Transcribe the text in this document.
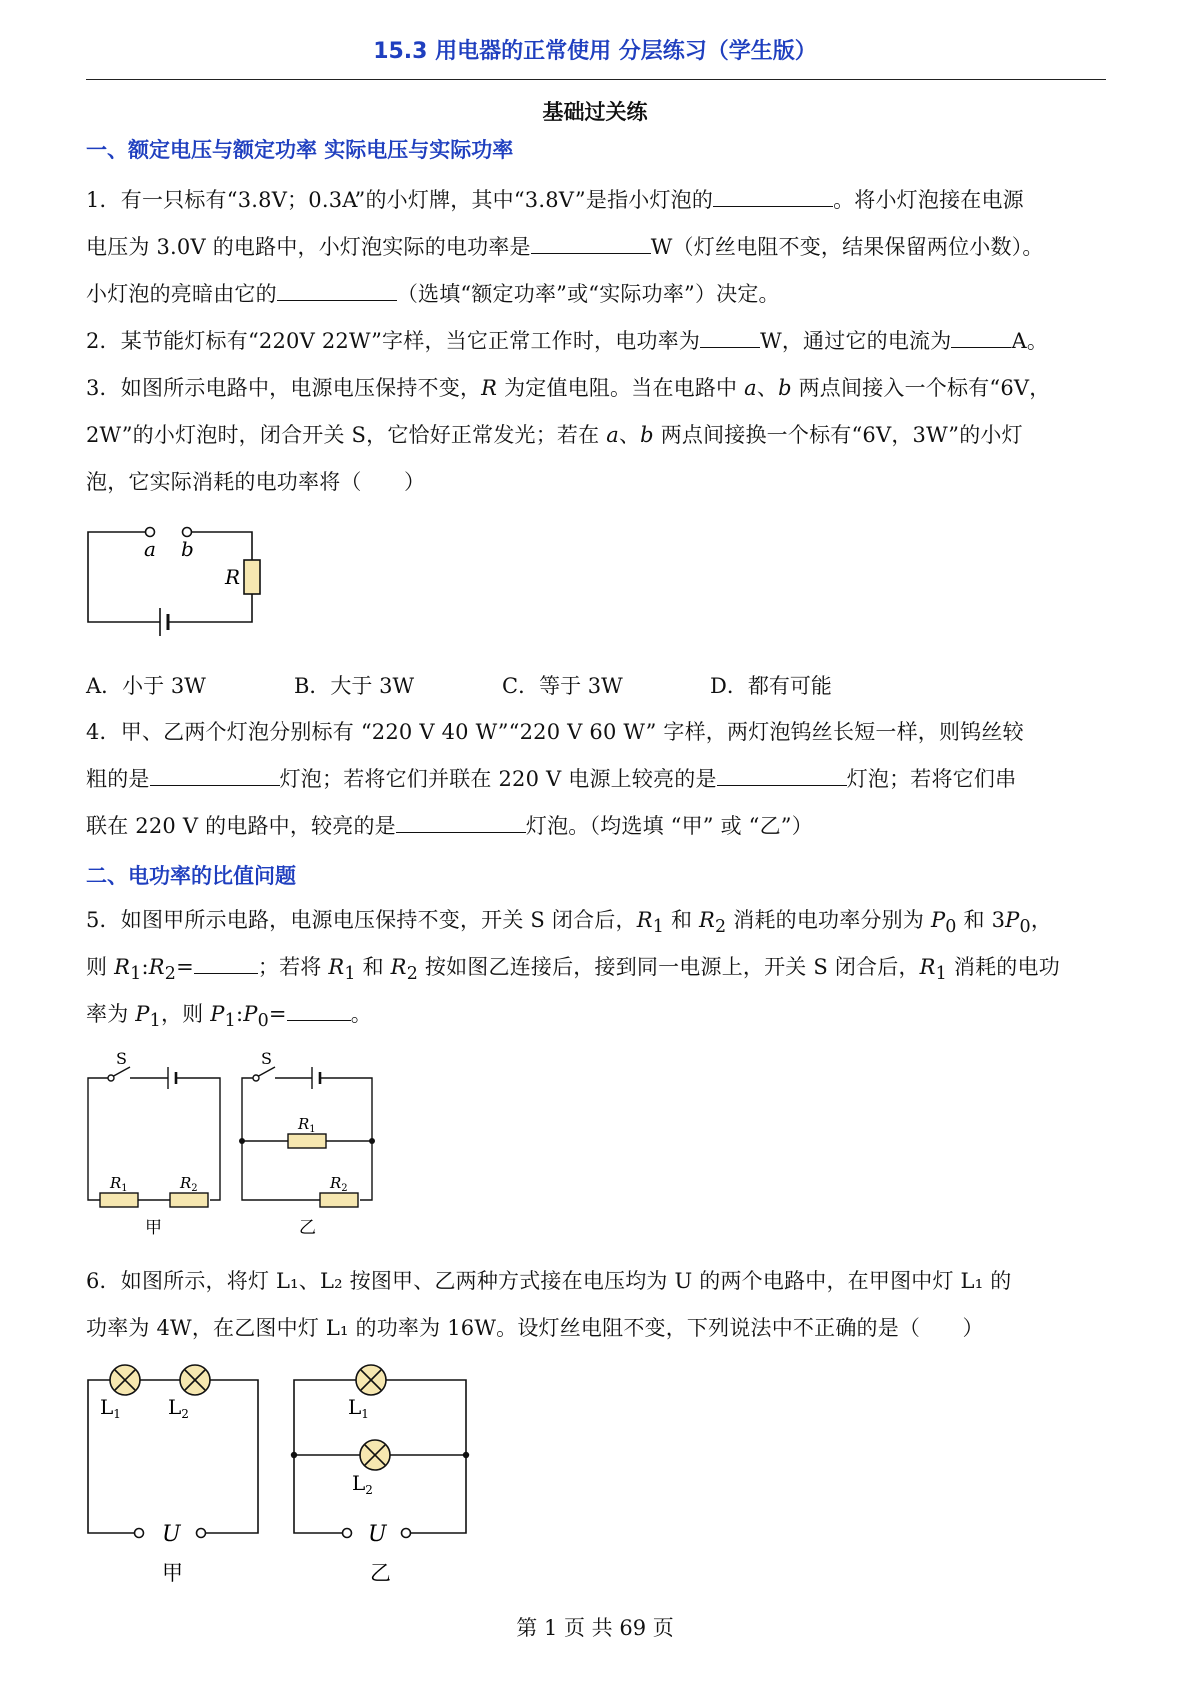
15.3 用电器的正常使用 分层练习（学生版）
基础过关练
一、额定电压与额定功率 实际电压与实际功率
1．有一只标有“3.8V；0.3A”的小灯牌，其中“3.8V”是指小灯泡的	。将小灯泡接在电源
电压为 3.0V 的电路中，小灯泡实际的电功率是	W（灯丝电阻不变，结果保留两位小数）。
小灯泡的亮暗由它的	（选填“额定功率”或“实际功率”）决定。
2．某节能灯标有“220V 22W”字样，当它正常工作时，电功率为	W，通过它的电流为	A。
3．如图所示电路中，电源电压保持不变，R 为定值电阻。当在电路中 a、b 两点间接入一个标有“6V，
2W”的小灯泡时，闭合开关 S，它恰好正常发光；若在 a、b 两点间接换一个标有“6V，3W”的小灯
泡，它实际消耗的电功率将（　　）
a b
R
A．小于 3W	B．大于 3W	C．等于 3W	D．都有可能
4．甲、乙两个灯泡分别标有 “220 V 40 W”“220 V 60 W” 字样，两灯泡钨丝长短一样，则钨丝较
粗的是	灯泡；若将它们并联在 220 V 电源上较亮的是	灯泡；若将它们串
联在 220 V 的电路中，较亮的是	灯泡。（均选填 “甲” 或 “乙”）
二、电功率的比值问题
5．如图甲所示电路，电源电压保持不变，开关 S 闭合后，$R_1$ 和 $R_2$ 消耗的电功率分别为 $P_0$ 和 $3P_0$，
则 $R_1:R_2=$	；若将 $R_1$ 和 $R_2$ 按如图乙连接后，接到同一电源上，开关 S 闭合后，$R_1$ 消耗的电功
率为 $P_1$，则 $P_1:P_0=$	。
S	S
$R_1$	$R_2$
$R_1$
$R_2$
甲	乙
6．如图所示，将灯 L₁、L₂ 按图甲、乙两种方式接在电压均为 U 的两个电路中，在甲图中灯 L₁ 的
功率为 4W，在乙图中灯 L₁ 的功率为 16W。设灯丝电阻不变，下列说法中不正确的是（　　）
$L_1$ $L_2$	$L_1$
$L_2$
U	U
甲	乙
第 1 页 共 69 页
